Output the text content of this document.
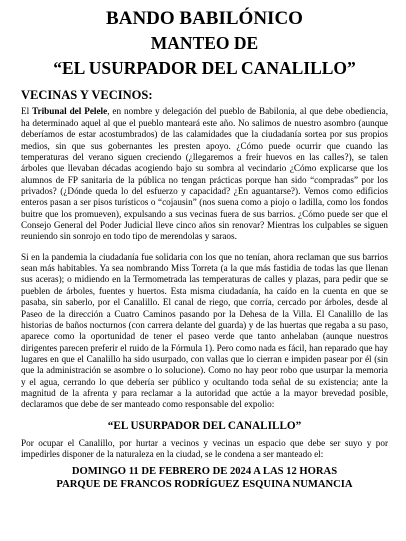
BANDO BABILÓNICO
MANTEO DE
“EL USURPADOR DEL CANALILLO”
VECINAS Y VECINOS:

El Tribunal del Pelele, en nombre y delegación del pueblo de Babilonia, al que debe obediencia, ha determinado aquel al que el pueblo manteará este año. No salimos de nuestro asombro (aunque deberíamos de estar acostumbrados) de las calamidades que la ciudadanía sortea por sus propios medios, sin que sus gobernantes les presten apoyo. ¿Cómo puede ocurrir que cuando las temperaturas del verano siguen creciendo (¿llegaremos a freír huevos en las calles?), se talen árboles que llevaban décadas acogiendo bajo su sombra al vecindario ¿Cómo explicarse que los alumnos de FP sanitaria de la pública no tengan prácticas porque han sido “compradas” por los privados? (¿Dónde queda lo del esfuerzo y capacidad? ¿En aguantarse?). Vemos como edificios enteros pasan a ser pisos turísticos o “cojausin” (nos suena como a piojo o ladilla, como los fondos buitre que los promueven), expulsando a sus vecinas fuera de sus barrios. ¿Cómo puede ser que el Consejo General del Poder Judicial lleve cinco años sin renovar? Mientras los culpables se siguen reuniendo sin sonrojo en todo tipo de merendolas y saraos.

Si en la pandemia la ciudadanía fue solidaria con los que no tenían, ahora reclaman que sus barrios sean más habitables. Ya sea nombrando Miss Torreta (a la que más fastidia de todas las que llenan sus aceras); o midiendo en la Termometrada las temperaturas de calles y plazas, para pedir que se pueblen de árboles, fuentes y huertos. Esta misma ciudadanía, ha caído en la cuenta en que se pasaba, sin saberlo, por el Canalillo. El canal de riego, que corría, cercado por árboles, desde al Paseo de la dirección a Cuatro Caminos pasando por la Dehesa de la Villa. El Canalillo de las historias de baños nocturnos (con carrera delante del guarda) y de las huertas que regaba a su paso, aparece como la oportunidad de tener el paseo verde que tanto anhelaban (aunque nuestros dirigentes parecen preferir el ruido de la Fórmula 1). Pero como nada es fácil, han reparado que hay lugares en que el Canalillo ha sido usurpado, con vallas que lo cierran e impiden pasear por él (sin que la administración se asombre o lo solucione). Como no hay peor robo que usurpar la memoria y el agua, cerrando lo que debería ser público y ocultando toda señal de su existencia; ante la magnitud de la afrenta y para reclamar a la autoridad que actúe a la mayor brevedad posible, declaramos que debe de ser manteado como responsable del expolio:

“EL USURPADOR DEL CANALILLO”

Por ocupar el Canalillo, por hurtar a vecinos y vecinas un espacio que debe ser suyo y por impedirles disponer de la naturaleza en la ciudad, se le condena a ser manteado el:

DOMINGO 11 DE FEBRERO DE 2024 A LAS 12 HORAS
PARQUE DE FRANCOS RODRÍGUEZ ESQUINA NUMANCIA
